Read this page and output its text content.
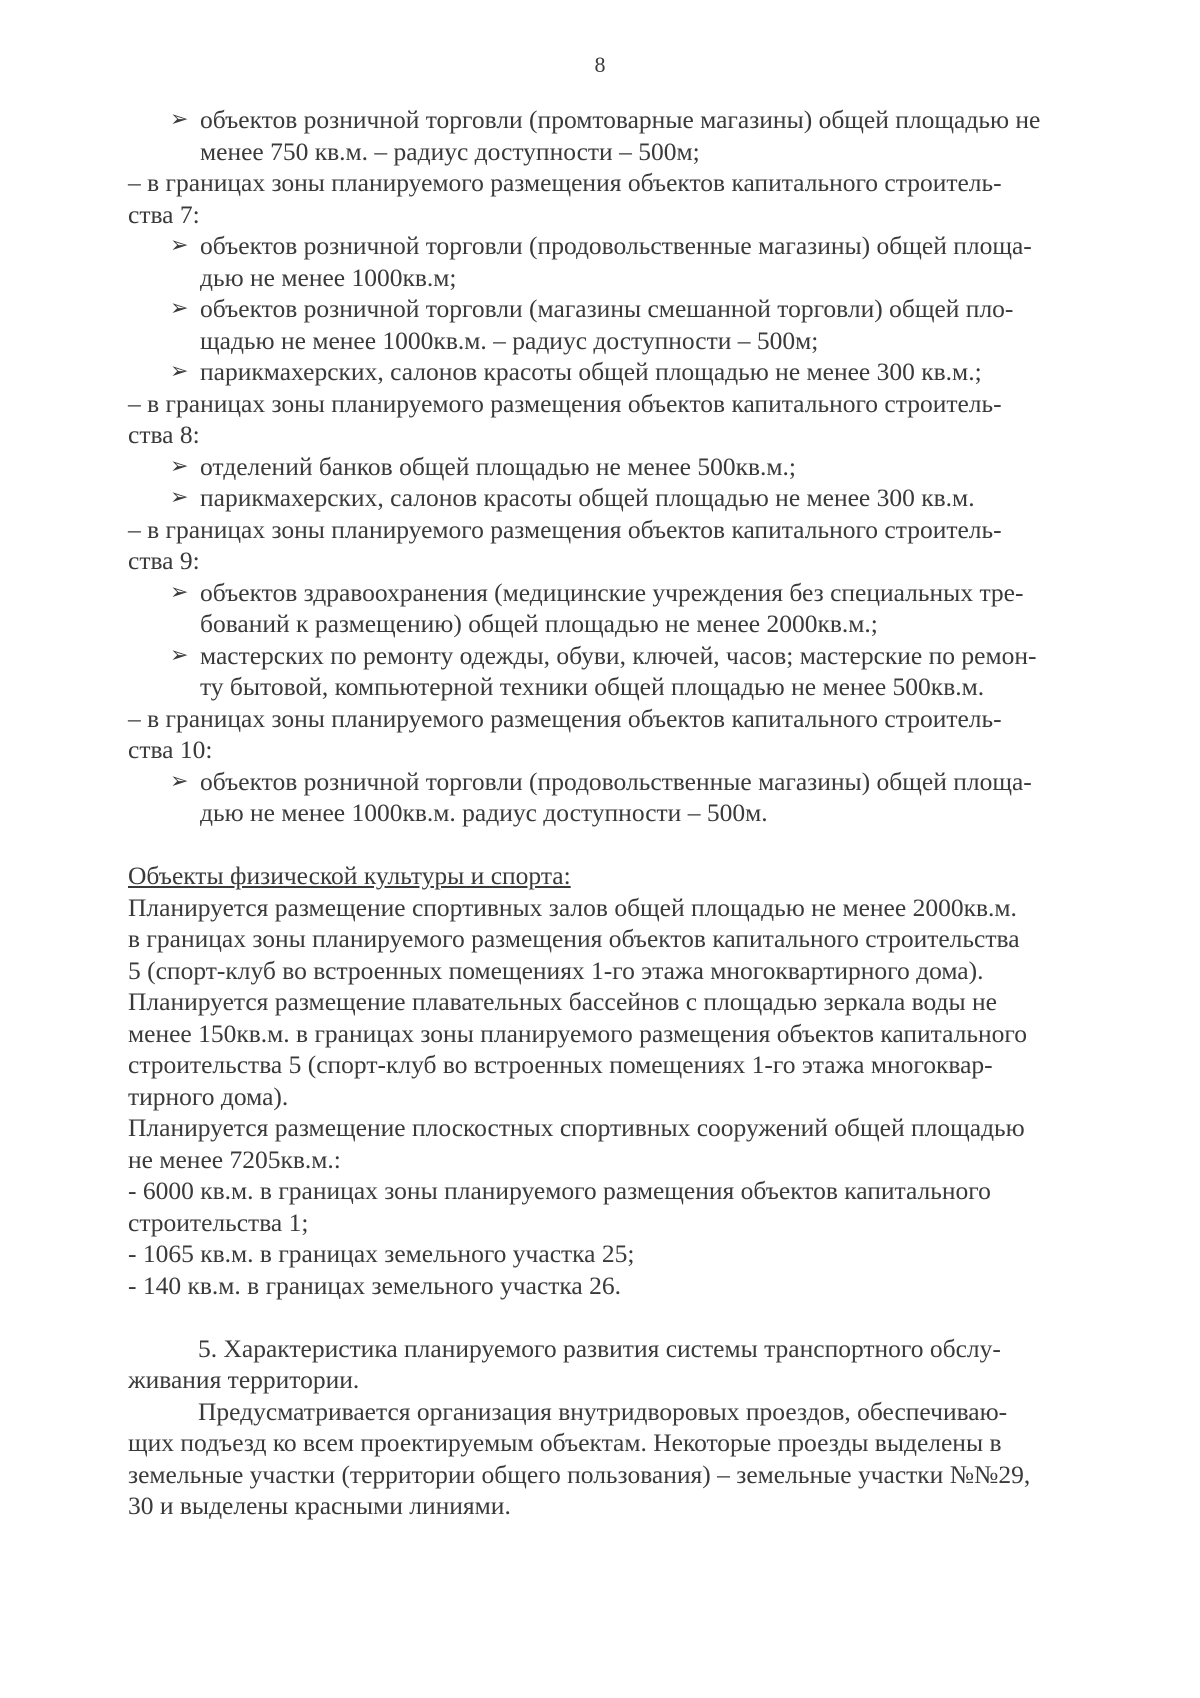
8
➢ объектов розничной торговли (промтоварные магазины) общей площадью не
менее 750 кв.м. – радиус доступности – 500м;
– в границах зоны планируемого размещения объектов капитального строитель-
ства 7:
➢ объектов розничной торговли (продовольственные магазины) общей площа-
дью не менее 1000кв.м;
➢ объектов розничной торговли (магазины смешанной торговли) общей пло-
щадью не менее 1000кв.м. – радиус доступности – 500м;
➢ парикмахерских, салонов красоты общей площадью не менее 300 кв.м.;
– в границах зоны планируемого размещения объектов капитального строитель-
ства 8:
➢ отделений банков общей площадью не менее 500кв.м.;
➢ парикмахерских, салонов красоты общей площадью не менее 300 кв.м.
– в границах зоны планируемого размещения объектов капитального строитель-
ства 9:
➢ объектов здравоохранения (медицинские учреждения без специальных тре-
бований к размещению) общей площадью не менее 2000кв.м.;
➢ мастерских по ремонту одежды, обуви, ключей, часов; мастерские по ремон-
ту бытовой, компьютерной техники общей площадью не менее 500кв.м.
– в границах зоны планируемого размещения объектов капитального строитель-
ства 10:
➢ объектов розничной торговли (продовольственные магазины) общей площа-
дью не менее 1000кв.м. радиус доступности – 500м.
Объекты физической культуры и спорта:
Планируется размещение спортивных залов общей площадью не менее 2000кв.м.
в границах зоны планируемого размещения объектов капитального строительства
5 (спорт-клуб во встроенных помещениях 1-го этажа многоквартирного дома).
Планируется размещение плавательных бассейнов с площадью зеркала воды не
менее 150кв.м. в границах зоны планируемого размещения объектов капитального
строительства 5 (спорт-клуб во встроенных помещениях 1-го этажа многоквар-
тирного дома).
Планируется размещение плоскостных спортивных сооружений общей площадью
не менее 7205кв.м.:
- 6000 кв.м. в границах зоны планируемого размещения объектов капитального
строительства 1;
- 1065 кв.м. в границах земельного участка 25;
- 140 кв.м. в границах земельного участка 26.
5. Характеристика планируемого развития системы транспортного обслу-
живания территории.
Предусматривается организация внутридворовых проездов, обеспечиваю-
щих подъезд ко всем проектируемым объектам. Некоторые проезды выделены в
земельные участки (территории общего пользования) – земельные участки №№29,
30 и выделены красными линиями.
